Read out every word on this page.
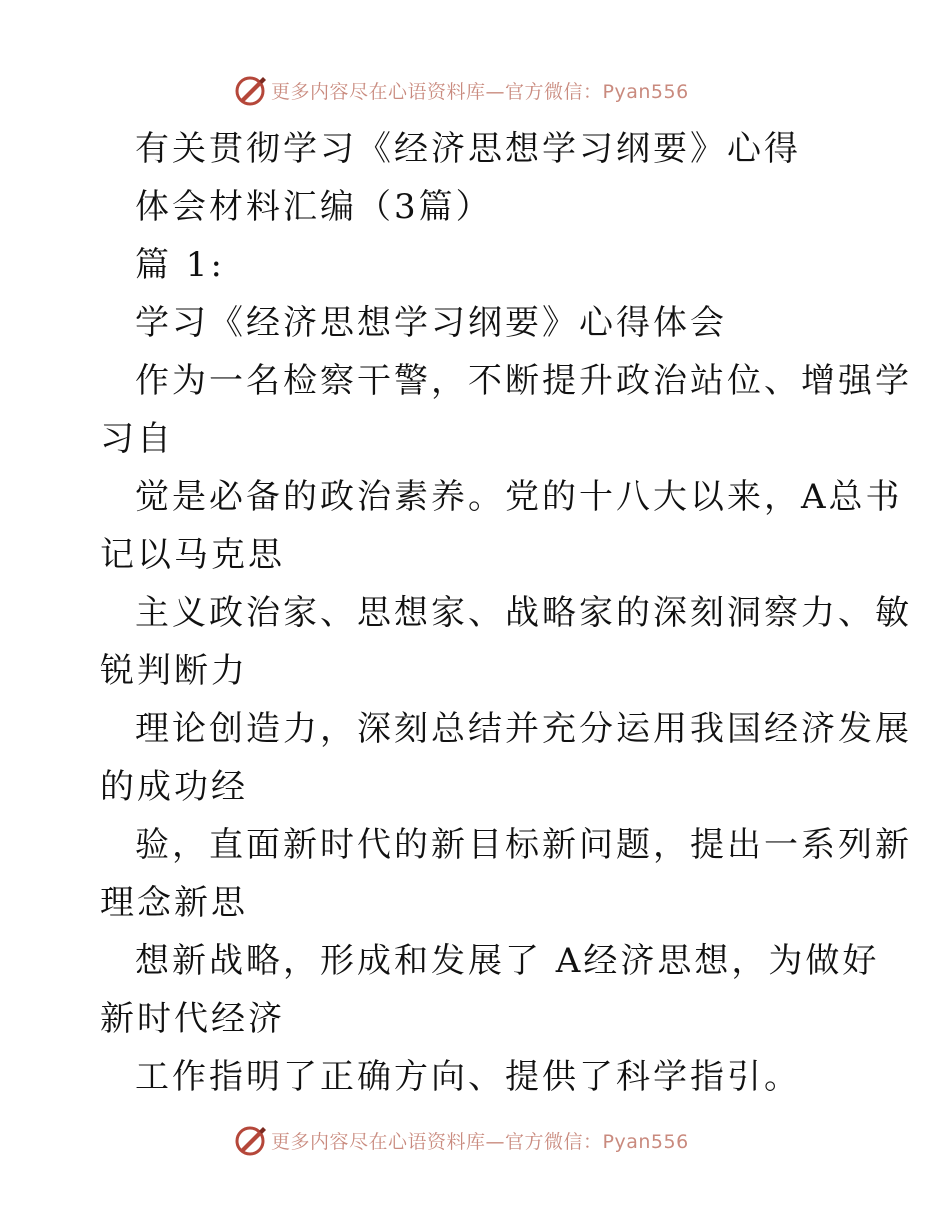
更多内容尽在心语资料库—官方微信：Pyan556
有关贯彻学习《经济思想学习纲要》心得
体会材料汇编（3篇）
篇 1:
学习《经济思想学习纲要》心得体会
作为一名检察干警，不断提升政治站位、增强学
习自
觉是必备的政治素养。党的十八大以来，A总书
记以马克思
主义政治家、思想家、战略家的深刻洞察力、敏
锐判断力
理论创造力，深刻总结并充分运用我国经济发展
的成功经
验，直面新时代的新目标新问题，提出一系列新
理念新思
想新战略，形成和发展了 A经济思想，为做好
新时代经济
工作指明了正确方向、提供了科学指引。
更多内容尽在心语资料库—官方微信：Pyan556
